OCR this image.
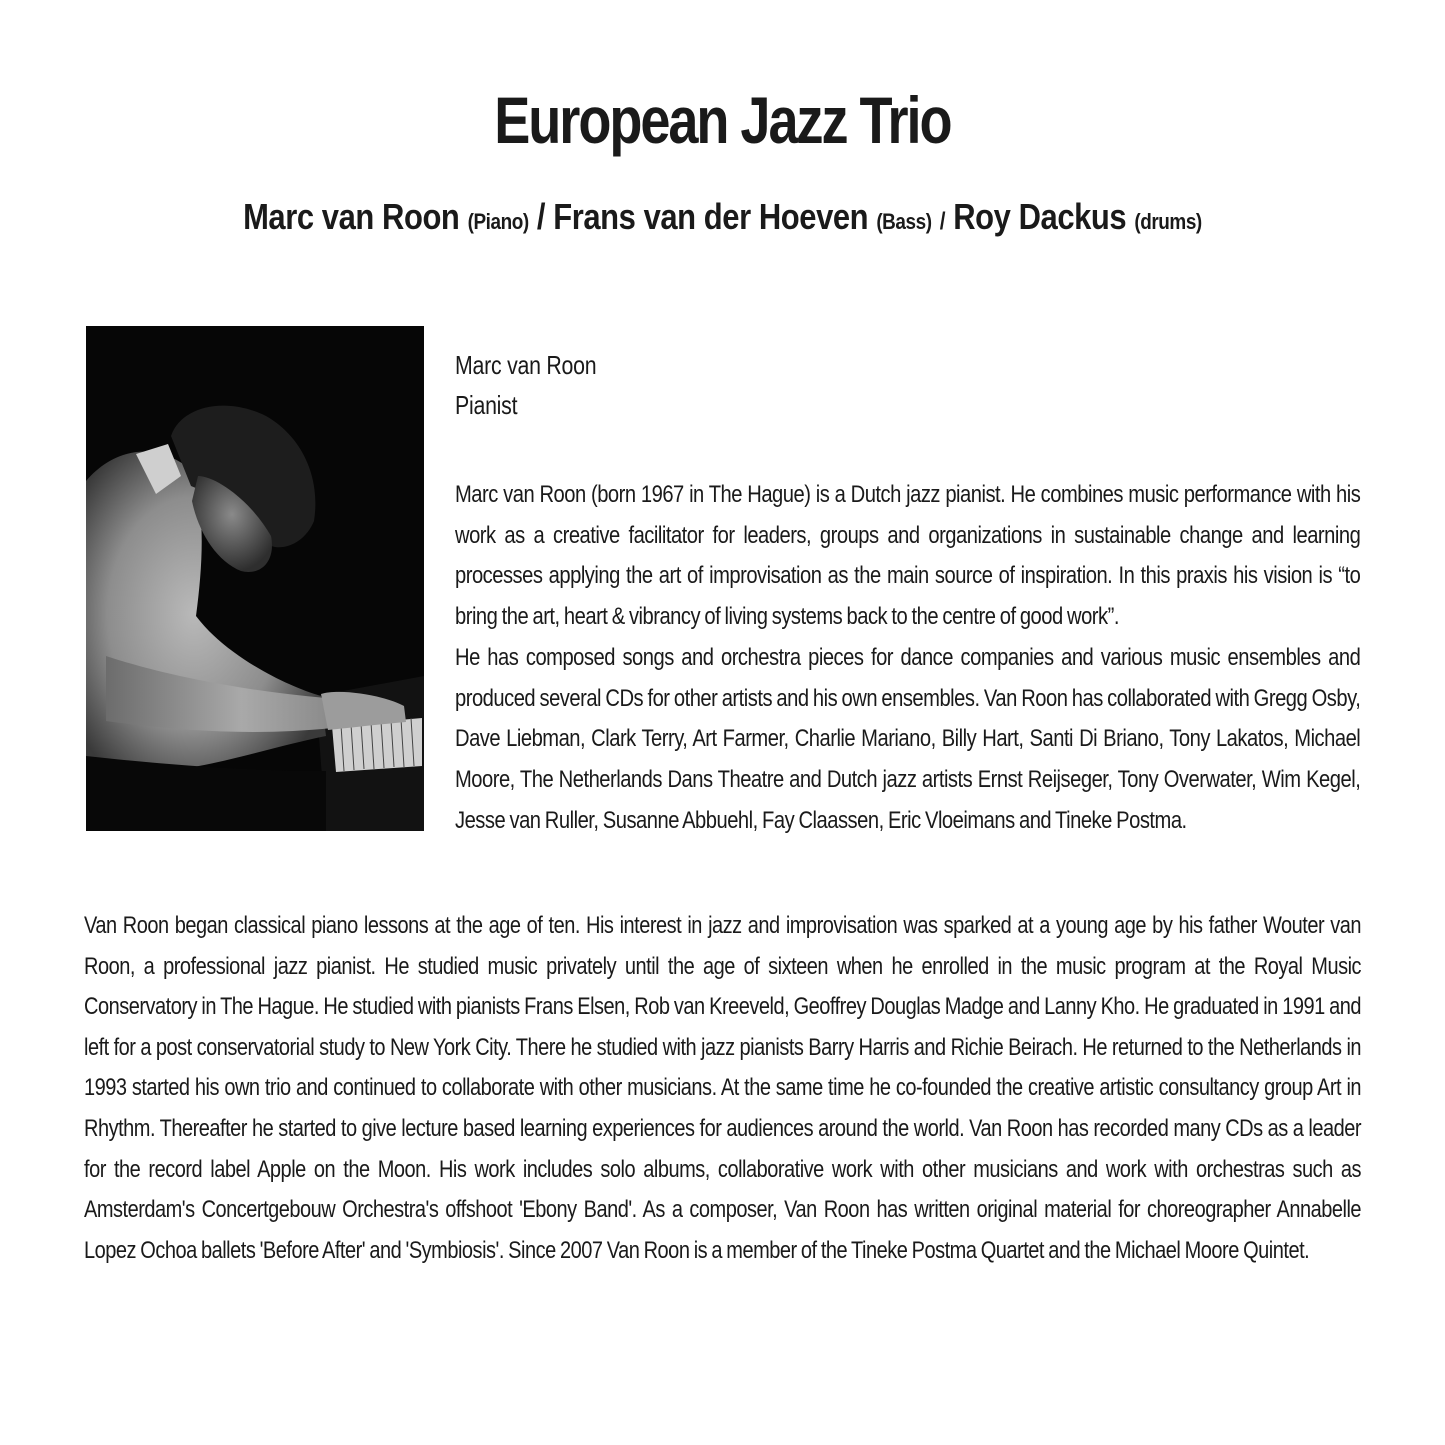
European Jazz Trio
Marc van Roon (Piano) / Frans van der Hoeven (Bass) / Roy Dackus (drums)
Marc van Roon
Pianist
Marc van Roon (born 1967 in The Hague) is a Dutch jazz pianist. He combines music performance with his work as a creative facilitator for leaders, groups and organizations in sustainable change and learning processes applying the art of improvisation as the main source of inspiration. In this praxis his vision is “to bring the art, heart & vibrancy of living systems back to the centre of good work”.
He has composed songs and orchestra pieces for dance companies and various music ensembles and produced several CDs for other artists and his own ensembles. Van Roon has collaborated with Gregg Osby, Dave Liebman, Clark Terry, Art Farmer, Charlie Mariano, Billy Hart, Santi Di Briano, Tony Lakatos, Michael Moore, The Netherlands Dans Theatre and Dutch jazz artists Ernst Reijseger, Tony Overwater, Wim Kegel, Jesse van Ruller, Susanne Abbuehl, Fay Claassen, Eric Vloeimans and Tineke Postma.
Van Roon began classical piano lessons at the age of ten. His interest in jazz and improvisation was sparked at a young age by his father Wouter van Roon, a professional jazz pianist. He studied music privately until the age of sixteen when he enrolled in the music program at the Royal Music Conservatory in The Hague. He studied with pianists Frans Elsen, Rob van Kreeveld, Geoffrey Douglas Madge and Lanny Kho. He graduated in 1991 and left for a post conservatorial study to New York City. There he studied with jazz pianists Barry Harris and Richie Beirach. He returned to the Netherlands in 1993 started his own trio and continued to collaborate with other musicians. At the same time he co-founded the creative artistic consultancy group Art in Rhythm. Thereafter he started to give lecture based learning experiences for audiences around the world. Van Roon has recorded many CDs as a leader for the record label Apple on the Moon. His work includes solo albums, collaborative work with other musicians and work with orchestras such as Amsterdam's Concertgebouw Orchestra's offshoot 'Ebony Band'. As a composer, Van Roon has written original material for choreographer Annabelle Lopez Ochoa ballets 'Before After' and 'Symbiosis'. Since 2007 Van Roon is a member of the Tineke Postma Quartet and the Michael Moore Quintet.
